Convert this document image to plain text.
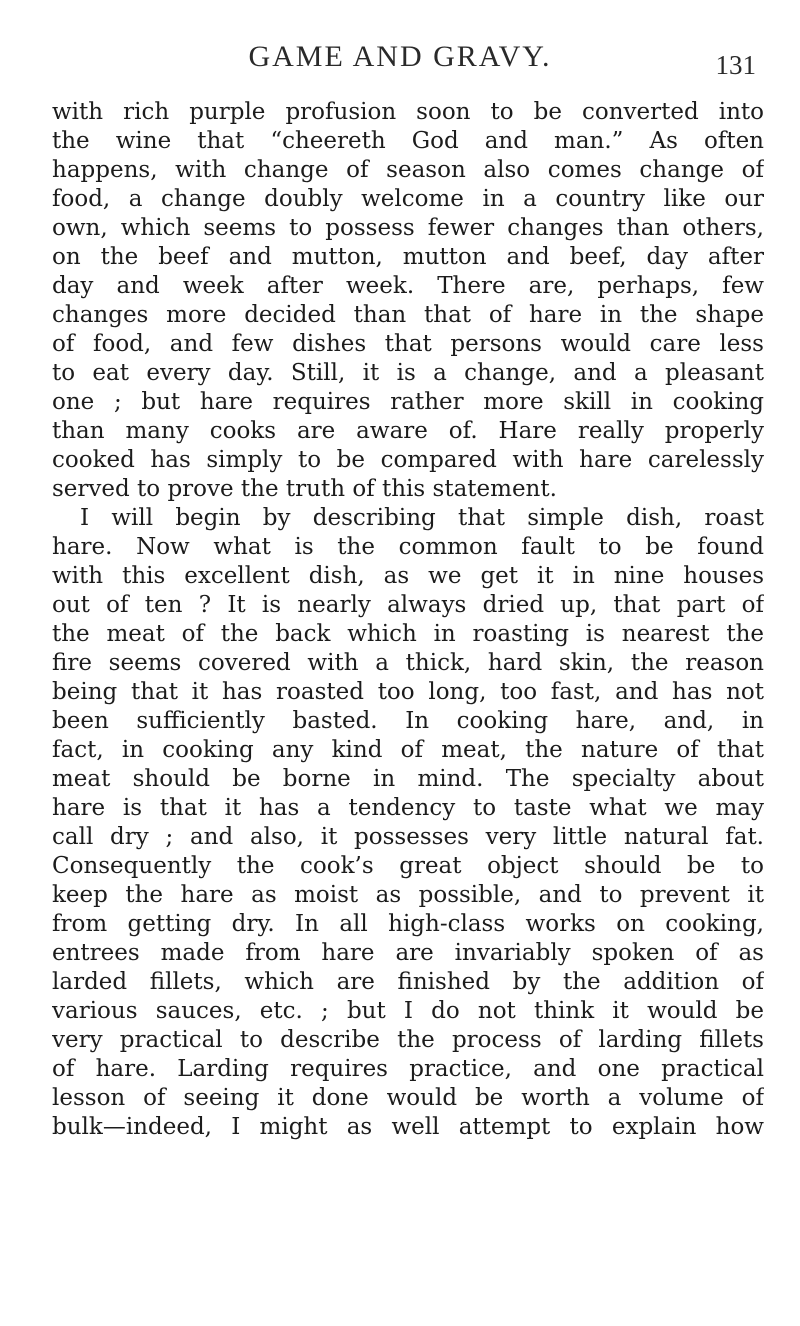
GAME AND GRAVY.	131
with rich purple profusion soon to be converted into
the wine that “cheereth God and man.” As often
happens, with change of season also comes change of
food, a change doubly welcome in a country like our
own, which seems to possess fewer changes than others,
on the beef and mutton, mutton and beef, day after
day and week after week. There are, perhaps, few
changes more decided than that of hare in the shape
of food, and few dishes that persons would care less
to eat every day. Still, it is a change, and a pleasant
one ; but hare requires rather more skill in cooking
than many cooks are aware of. Hare really properly
cooked has simply to be compared with hare carelessly
served to prove the truth of this statement.
I will begin by describing that simple dish, roast
hare. Now what is the common fault to be found
with this excellent dish, as we get it in nine houses
out of ten ? It is nearly always dried up, that part of
the meat of the back which in roasting is nearest the
fire seems covered with a thick, hard skin, the reason
being that it has roasted too long, too fast, and has not
been sufficiently basted. In cooking hare, and, in
fact, in cooking any kind of meat, the nature of that
meat should be borne in mind. The specialty about
hare is that it has a tendency to taste what we may
call dry ; and also, it possesses very little natural fat.
Consequently the cook’s great object should be to
keep the hare as moist as possible, and to prevent it
from getting dry. In all high-class works on cooking,
entrees made from hare are invariably spoken of as
larded fillets, which are finished by the addition of
various sauces, etc. ; but I do not think it would be
very practical to describe the process of larding fillets
of hare. Larding requires practice, and one practical
lesson of seeing it done would be worth a volume of
bulk—indeed, I might as well attempt to explain how
